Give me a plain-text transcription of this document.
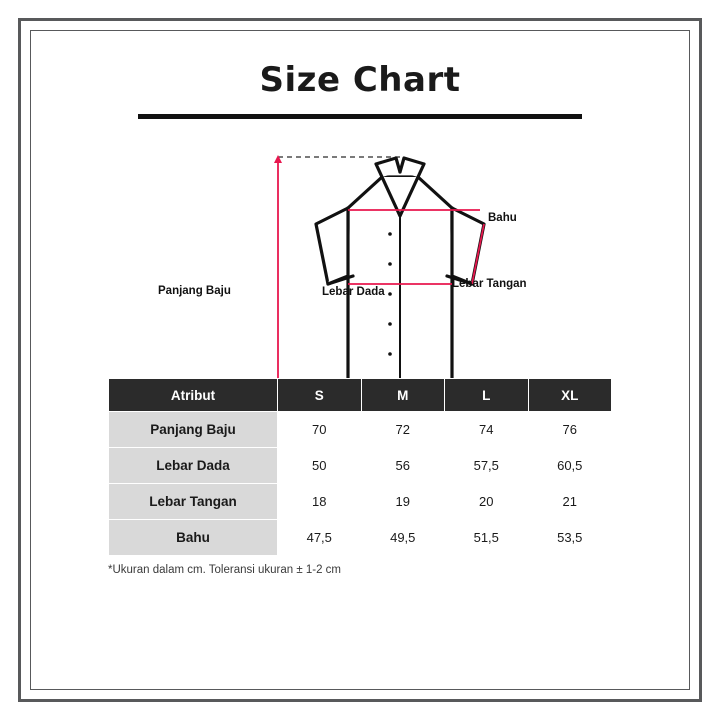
Size Chart
Panjang Baju
Bahu
Lebar Dada
Lebar Tangan
Atribut	S	M	L	XL
Panjang Baju	70	72	74	76
Lebar Dada	50	56	57,5	60,5
Lebar Tangan	18	19	20	21
Bahu	47,5	49,5	51,5	53,5
*Ukuran dalam cm. Toleransi ukuran ± 1-2 cm
